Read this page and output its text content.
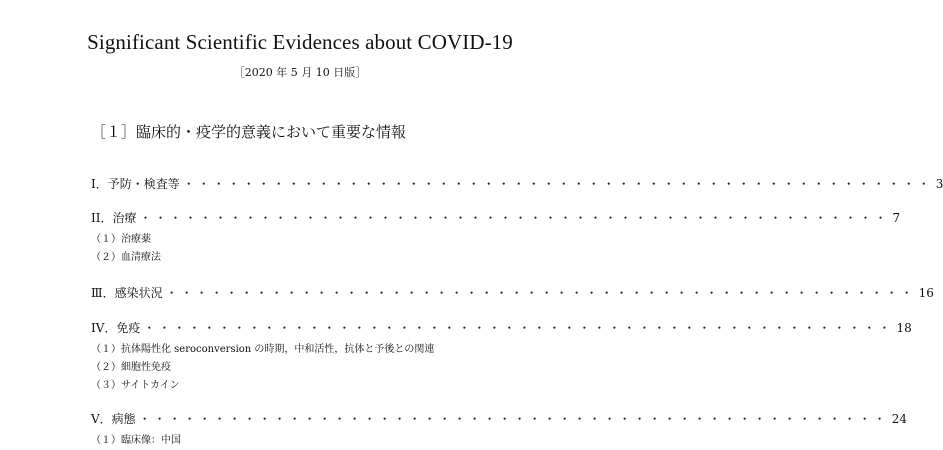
Significant Scientific Evidences about COVID-19
［2020 年 5 月 10 日版］
［１］臨床的・疫学的意義において重要な情報
I．予防・検査等 ・・・・・・・・・・・・・・・・・・・・・・・・・・・・・・・・・・・・・・・・・・・・・・・・・・ 3
II．治療 ・・・・・・・・・・・・・・・・・・・・・・・・・・・・・・・・・・・・・・・・・・・・・・・・・・ 7
（１）治療薬
（２）血清療法
Ⅲ．感染状況 ・・・・・・・・・・・・・・・・・・・・・・・・・・・・・・・・・・・・・・・・・・・・・・・・・・ 16
IV．免疫 ・・・・・・・・・・・・・・・・・・・・・・・・・・・・・・・・・・・・・・・・・・・・・・・・・・ 18
（１）抗体陽性化 seroconversion の時期，中和活性，抗体と予後との関連
（２）細胞性免疫
（３）サイトカイン
V．病態 ・・・・・・・・・・・・・・・・・・・・・・・・・・・・・・・・・・・・・・・・・・・・・・・・・・ 24
（１）臨床像：中国
